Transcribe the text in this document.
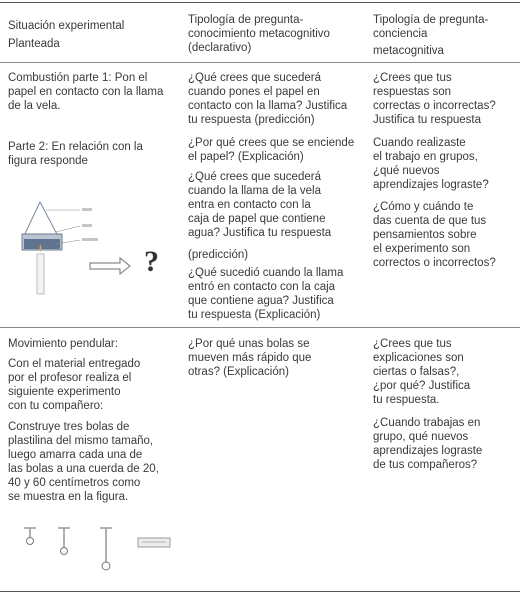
Situación experimental
Planteada
Tipología de pregunta-
conocimiento metacognitivo
(declarativo)
Tipología de pregunta-
conciencia
metacognitiva
Combustión parte 1: Pon el
papel en contacto con la llama
de la vela.
Parte 2: En relación con la
figura responde
?
¿Qué crees que sucederá
cuando pones el papel en
contacto con la llama? Justifica
tu respuesta (predicción)
¿Por qué crees que se enciende
el papel? (Explicación)
¿Qué crees que sucederá
cuando la llama de la vela
entra en contacto con la
caja de papel que contiene
agua? Justifica tu respuesta
(predicción)
¿Qué sucedió cuando la llama
entró en contacto con la caja
que contiene agua? Justifica
tu respuesta (Explicación)
¿Crees que tus
respuestas son
correctas o incorrectas?
Justifica tu respuesta
Cuando realizaste
el trabajo en grupos,
¿qué nuevos
aprendizajes lograste?
¿Cómo y cuándo te
das cuenta de que tus
pensamientos sobre
el experimento son
correctos o incorrectos?
Movimiento pendular:
Con el material entregado
por el profesor realiza el
siguiente experimento
con tu compañero:
Construye tres bolas de
plastilina del mismo tamaño,
luego amarra cada una de
las bolas a una cuerda de 20,
40 y 60 centímetros como
se muestra en la figura.
¿Por qué unas bolas se
mueven más rápido que
otras? (Explicación)
¿Crees que tus
explicaciones son
ciertas o falsas?,
¿por qué? Justifica
tu respuesta.
¿Cuando trabajas en
grupo, qué nuevos
aprendizajes lograste
de tus compañeros?
